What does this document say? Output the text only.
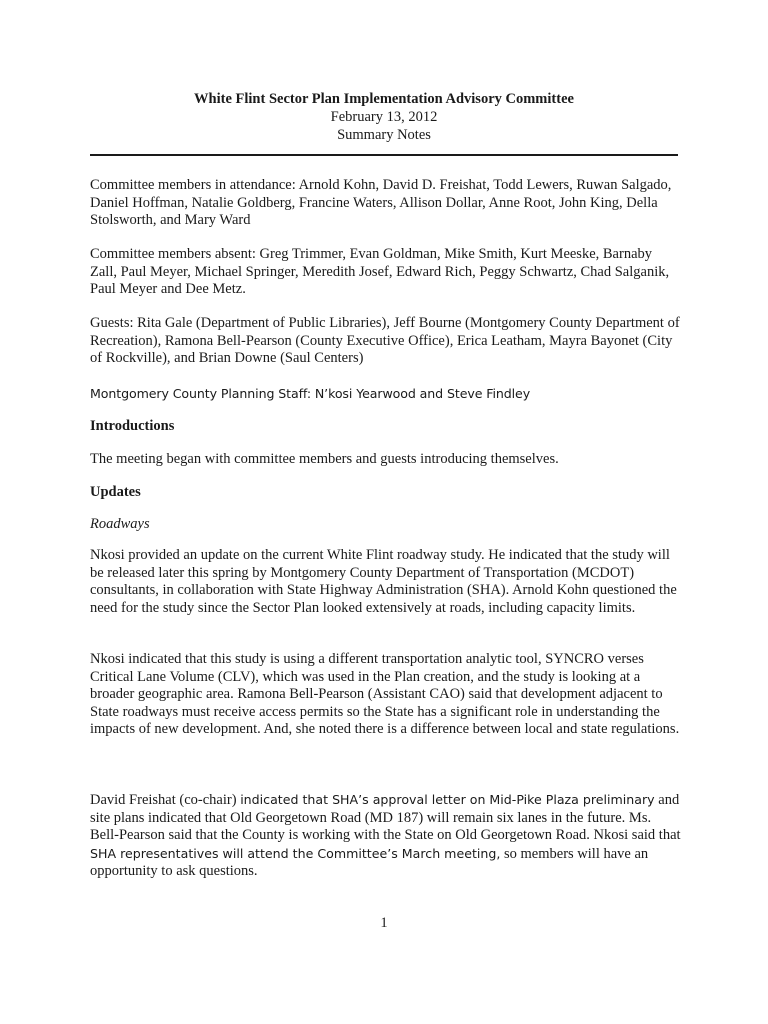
White Flint Sector Plan Implementation Advisory Committee
February 13, 2012
Summary Notes

Committee members in attendance: Arnold Kohn, David D. Freishat, Todd Lewers, Ruwan Salgado, Daniel Hoffman, Natalie Goldberg, Francine Waters, Allison Dollar, Anne Root, John King, Della Stolsworth, and Mary Ward

Committee members absent: Greg Trimmer, Evan Goldman, Mike Smith, Kurt Meeske, Barnaby Zall, Paul Meyer, Michael Springer, Meredith Josef, Edward Rich, Peggy Schwartz, Chad Salganik, Paul Meyer and Dee Metz.

Guests: Rita Gale (Department of Public Libraries), Jeff Bourne (Montgomery County Department of Recreation), Ramona Bell-Pearson (County Executive Office), Erica Leatham, Mayra Bayonet (City of Rockville), and Brian Downe (Saul Centers)

Montgomery County Planning Staff: N’kosi Yearwood and Steve Findley

Introductions

The meeting began with committee members and guests introducing themselves.

Updates

Roadways

Nkosi provided an update on the current White Flint roadway study. He indicated that the study will be released later this spring by Montgomery County Department of Transportation (MCDOT) consultants, in collaboration with State Highway Administration (SHA). Arnold Kohn questioned the need for the study since the Sector Plan looked extensively at roads, including capacity limits.

Nkosi indicated that this study is using a different transportation analytic tool, SYNCRO verses Critical Lane Volume (CLV), which was used in the Plan creation, and the study is looking at a broader geographic area. Ramona Bell-Pearson (Assistant CAO) said that development adjacent to State roadways must receive access permits so the State has a significant role in understanding the impacts of new development. And, she noted there is a difference between local and state regulations.

David Freishat (co-chair) indicated that SHA’s approval letter on Mid-Pike Plaza preliminary and site plans indicated that Old Georgetown Road (MD 187) will remain six lanes in the future. Ms. Bell-Pearson said that the County is working with the State on Old Georgetown Road. Nkosi said that SHA representatives will attend the Committee’s March meeting, so members will have an opportunity to ask questions.

1
